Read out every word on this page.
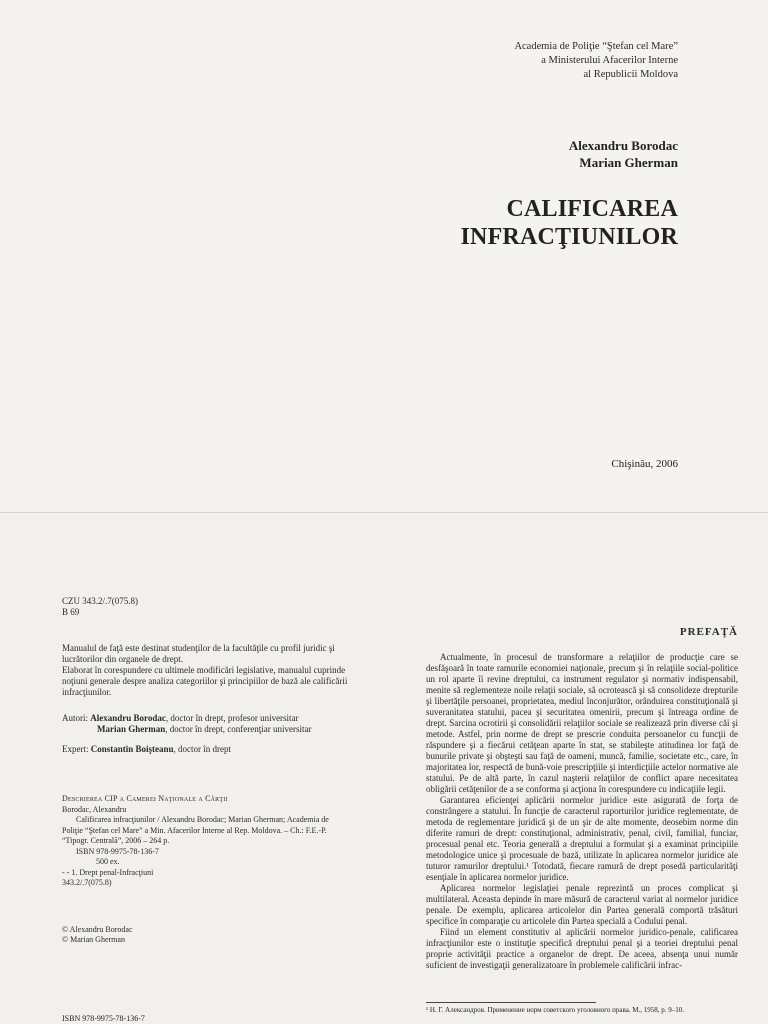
Academia de Poliţie “Ştefan cel Mare”
a Ministerului Afacerilor Interne
al Republicii Moldova
Alexandru Borodac
Marian Gherman
CALIFICAREA
INFRACŢIUNILOR
Chişinău, 2006
CZU 343.2/.7(075.8)
B 69

Manualul de faţă este destinat studenţilor de la facultăţile cu profil juridic şi lucrătorilor din organele de drept.

Elaborat în corespundere cu ultimele modificări legislative, manualul cuprinde noţiuni generale despre analiza categoriilor şi principiilor de bază ale calificării infracţiunilor.

Autori: Alexandru Borodac, doctor în drept, profesor universitar
Marian Gherman, doctor în drept, conferenţiar universitar
Expert: Constantin Boişteanu, doctor în drept
Descrierea CIP a Camerei Naţionale a Cărţii
Borodac, Alexandru
Calificarea infracţiunilor / Alexandru Borodac; Marian Gherman; Academia de
Poliţie “Ştefan cel Mare” a Min. Afacerilor Interne al Rep. Moldova. – Ch.: F.E.-P.
“Tipogr. Centrală”, 2006 – 264 p.
ISBN 978-9975-78-136-7
500 ex.
- - 1. Drept penal-Infracţiuni
343.2/.7(075.8)
© Alexandru Borodac
© Marian Gherman
ISBN 978-9975-78-136-7
PREFAŢĂ

Actualmente, în procesul de transformare a relaţiilor de producţie care se desfăşoară în toate ramurile economiei naţionale, precum şi în relaţiile social-politice un rol aparte îi revine dreptului, ca instrument regulator şi normativ indispensabil, menite să reglementeze noile relaţii sociale, să ocrotească şi să consolideze drepturile şi libertăţile persoanei, proprietatea, mediul înconjurător, orânduirea constituţională şi suveranitatea statului, pacea şi securitatea omenirii, precum şi întreaga ordine de drept. Sarcina ocrotirii şi consolidării relaţiilor sociale se realizează prin diverse căi şi metode. Astfel, prin norme de drept se prescrie conduita persoanelor cu funcţii de răspundere şi a fiecărui cetăţean aparte în stat, se stabileşte atitudinea lor faţă de bunurile private şi obşteşti sau faţă de oameni, muncă, familie, societate etc., care, în majoritatea lor, respectă de bună-voie prescripţiile şi interdicţiile actelor normative ale statului. Pe de altă parte, în cazul naşterii relaţiilor de conflict apare necesitatea obligării cetăţenilor de a se conforma şi acţiona în corespundere cu indicaţiile legii.

Garantarea eficienţei aplicării normelor juridice este asigurată de forţa de constrângere a statului. În funcţie de caracterul raporturilor juridice reglementate, de metoda de reglementare juridică şi de un şir de alte momente, deosebim norme din diferite ramuri de drept: constituţional, administrativ, penal, civil, familial, funciar, procesual penal etc. Teoria generală a dreptului a formulat şi a examinat principiile metodologice unice şi procesuale de bază, utilizate în aplicarea normelor juridice ale tuturor ramurilor dreptului.¹ Totodată, fiecare ramură de drept posedă particularităţi esenţiale în aplicarea normelor juridice.

Aplicarea normelor legislaţiei penale reprezintă un proces complicat şi multilateral. Aceasta depinde în mare măsură de caracterul variat al normelor juridice penale. De exemplu, aplicarea articolelor din Partea generală comportă trăsături specifice în comparaţie cu articolele din Partea specială a Codului penal.

Fiind un element constitutiv al aplicării normelor juridico-penale, calificarea infracţiunilor este o instituţie specifică dreptului penal şi a teoriei dreptului penal proprie activităţii practice a organelor de drept. De aceea, absenţa unui număr suficient de investigaţii generalizatoare în problemele calificării infrac-

¹ Н. Г. Александров. Применение норм советского уголовного права. М., 1958, p. 9–10.
